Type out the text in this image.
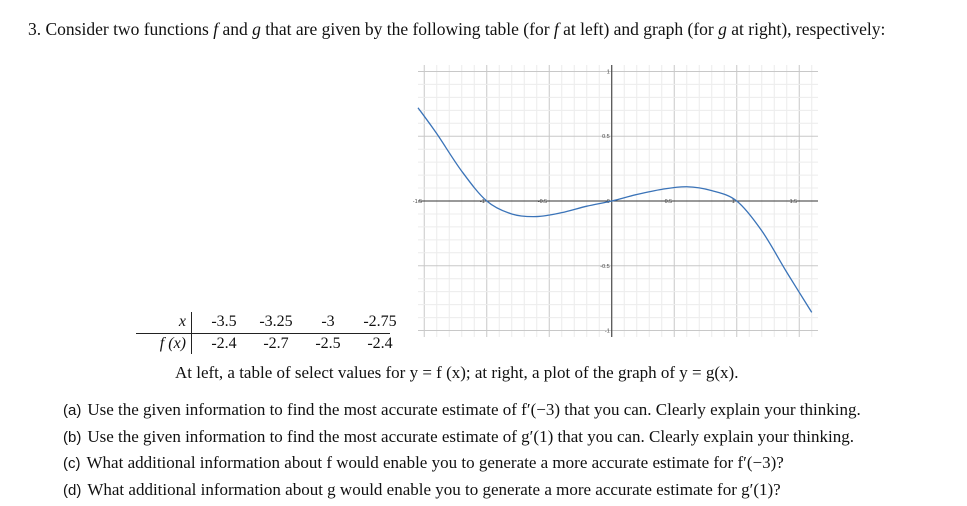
3. Consider two functions f and g that are given by the following table (for f at left) and graph (for g at right), respectively:
-1.5	-1	-0.5	0	0.5	1	1.5
1
0.5
-0.5
-1
x	-3.5	-3.25	-3	-2.75
f (x)	-2.4	-2.7	-2.5	-2.4
At left, a table of select values for y = f (x); at right, a plot of the graph of y = g(x).
(a) Use the given information to find the most accurate estimate of f′(−3) that you can. Clearly explain your thinking.
(b) Use the given information to find the most accurate estimate of g′(1) that you can. Clearly explain your thinking.
(c) What additional information about f would enable you to generate a more accurate estimate for f′(−3)?
(d) What additional information about g would enable you to generate a more accurate estimate for g′(1)?
